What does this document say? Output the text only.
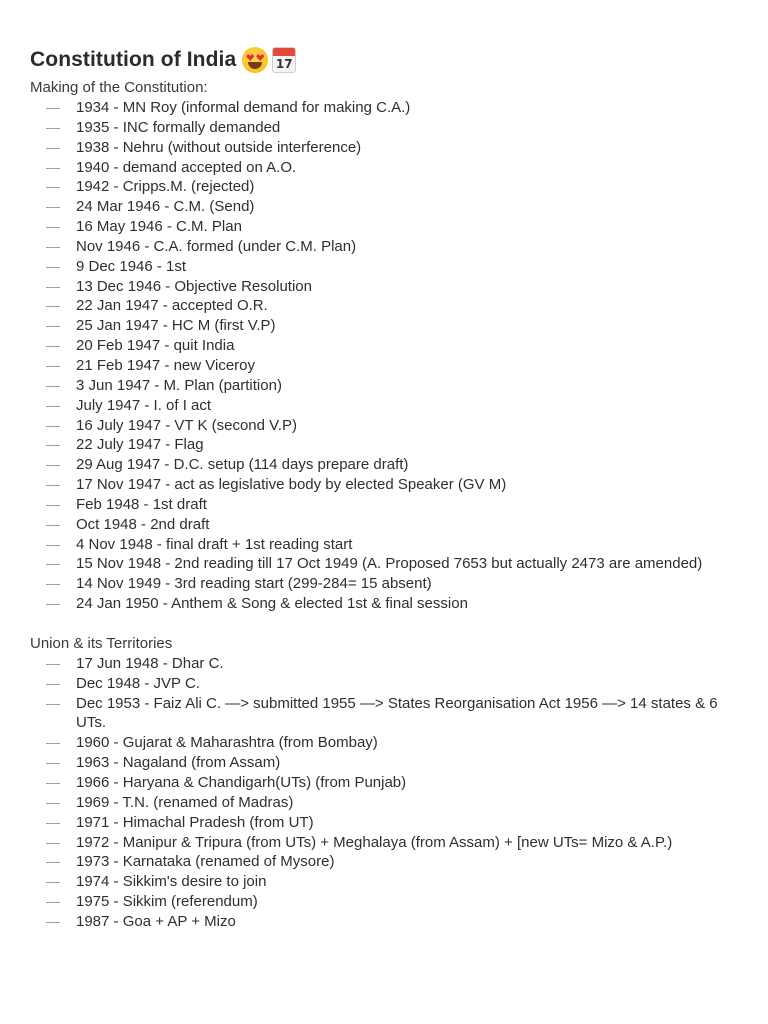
Constitution of India	17

Making of the Constitution:

— 1934 - MN Roy (informal demand for making C.A.)
— 1935 - INC formally demanded
— 1938 - Nehru (without outside interference)
— 1940 - demand accepted on A.O.
— 1942 - Cripps.M. (rejected)
— 24 Mar 1946 - C.M. (Send)
— 16 May 1946 - C.M. Plan
— Nov 1946 - C.A. formed (under C.M. Plan)
— 9 Dec 1946 - 1st
— 13 Dec 1946 - Objective Resolution
— 22 Jan 1947 - accepted O.R.
— 25 Jan 1947 - HC M (first V.P)
— 20 Feb 1947 - quit India
— 21 Feb 1947 - new Viceroy
— 3 Jun 1947 - M. Plan (partition)
— July 1947 - I. of I act
— 16 July 1947 - VT K (second V.P)
— 22 July 1947 - Flag
— 29 Aug 1947 - D.C. setup (114 days prepare draft)
— 17 Nov 1947 - act as legislative body by elected Speaker (GV M)
— Feb 1948 - 1st draft
— Oct 1948 - 2nd draft
— 4 Nov 1948 - final draft + 1st reading start
— 15 Nov 1948 - 2nd reading till 17 Oct 1949 (A. Proposed 7653 but actually 2473 are amended)
— 14 Nov 1949 - 3rd reading start (299-284= 15 absent)
— 24 Jan 1950 - Anthem & Song & elected 1st & final session

Union & its Territories

— 17 Jun 1948 - Dhar C.
— Dec 1948 - JVP C.
— Dec 1953 - Faiz Ali C. —> submitted 1955 —> States Reorganisation Act 1956 —> 14 states & 6 UTs.
— 1960 - Gujarat & Maharashtra (from Bombay)
— 1963 - Nagaland (from Assam)
— 1966 - Haryana & Chandigarh(UTs) (from Punjab)
— 1969 - T.N. (renamed of Madras)
— 1971 - Himachal Pradesh (from UT)
— 1972 - Manipur & Tripura (from UTs) + Meghalaya (from Assam) + [new UTs= Mizo & A.P.)
— 1973 - Karnataka (renamed of Mysore)
— 1974 - Sikkim's desire to join
— 1975 - Sikkim (referendum)
— 1987 - Goa + AP + Mizo
